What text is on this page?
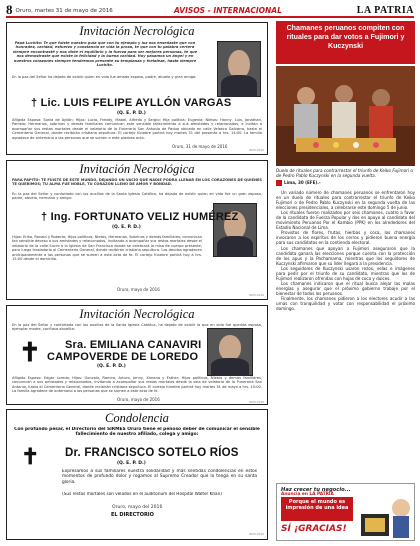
8 Oruro, martes 31 de mayo de 2016	AVISOS - INTERNACIONAL	LA PATRIA
Invitación Necrológica
Papá Luchito: Te que fuiste nuestro guía que con tu ejemplo y luz nos enseñaste que con honradez, caridad, esfuerzo y constancia se vida la prosa, te que con tu palabra certera siempre encontrasté y nos diste el equilibrio y la fuerza para ser mejores personas, te que nos demostraste que existe la felicidad y la buena caridad. Hoy pasamos un ángel y en nuestros corazones siempre tendremos presente su templanza y fortaleza, hasta siempre Luchito.
En la paz del Señor ha dejado de existir quien en vida fue amado esposo, padre, abuelo y gran amigo:
† Lic. LUIS FELIPE AYLLÓN VARGAS
(Q. E. P. D.)
Afligida Esposa: Sonia de Ayllón; Hijos: Lucia, Freddy, Mabel, Alfredo y Sergio; Hija política: Eugenia; Nietos: Hanny, Luis, Jonathan, Pamela; Hermanos, sobrinos y demás familiares comunican este sensible fallecimiento a sus amistades y relacionados, e invitan a acompañar sus restos mortales desde el velatorio de la Funeraria San Antonio de Padua ubicado en calle Velasco Galvarro, hasta el Cementerio General, donde recibirán cristiana sepultura. El cortejo fúnebre partirá hoy martes 31 del presente a hrs. 14:00. La familia agradece de antemano a las personas que se sumen a este piadoso acto.
Oruro, 31 de mayo de 2016
3005-2016
Invitación Necrológica
PARA PAPITO: TE FUISTE DE ESTE MUNDO, DEJANDO UN VACÍO QUE NADIE PODRÁ LLENAR EN LOS CORAZONES DE QUIENES TE QUERIMOS; TU ALMA FUE NOBLE, TU CORAZÓN LLENO DE AMOR Y BONDAD.
En la paz del Señor y confortado con los auxilios de la Santa Iglesia Católica, ha dejado de existir quien en vida fue un gran esposo, padre, abuelo, hermano y amigo:
† Ing. FORTUNATO VELIZ HUMÉREZ
(Q. E. P. D.)
Hijos: Erika, Ronald y Roberto; Hijos políticos, Nietos, Hermanos, Sobrinos y demás familiares; comunican tan sensible deceso a sus amistades y relacionados, invitando a acompañar sus restos mortales desde el velatorio de la calle Sucre a la Iglesia de San Francisco donde se celebrará la misa de cuerpo presente, para luego trasladarlo al Cementerio General, donde recibirán cristiana sepultura. Los deudos agradecen anticipadamente a las personas que se sumen a este acto de fe. El cortejo fúnebre partirá hoy a hrs. 15:00 desde el domicilio.
Oruro, mayo de 2016
3005-2016
Invitación Necrológica
En la paz del Señor y confortada con los auxilios de la Santa Iglesia Católica, ha dejado de existir la que en vida fue querida esposa, ejemplar madre, cariñosa abuelita:
✝ Sra. EMILIANA CANAVIRI
CAMPOVERDE DE LOREDO
(Q. E. P. D.)
Afligido Esposo: Edgar Loredo; Hijos: Gonzalo, Ramiro, Arturo, Jenny, Ximena y Esther; Hijos políticos, Nietos y demás familiares, comunican a sus amistades y relacionados, invitando a acompañar sus restos mortales desde la sala de velatorio de la Funeraria San Antonio, hasta el Cementerio General, donde recibirán cristiana sepultura. El cortejo fúnebre partirá hoy martes 31 de mayo a hrs. 15:00. La familia agradece de antemano a las personas que se sumen a este acto de fe.
Oruro, mayo de 2016	3005-2016
Condolencia
Con profundo pesar, el Directorio del SIRMES Oruro tiene el penoso deber de comunicar el sensible fallecimiento de nuestro afiliado, colega y amigo:
✝ Dr. FRANCISCO SOTELO RÍOS
(Q. E. P. D.)
Expresamos a sus familiares nuestra solidaridad y más sentidas condolencias en estos momentos de profundo dolor y rogamos al Supremo Creador que lo tenga en su santa gloria.
(Sus restos mortales son velados en el auditorium del Hospital Walter Khan)
Oruro, mayo del 2016
EL DIRECTORIO
3005-2016
Chamanes peruanos compiten con rituales para dar votos a Fujimori y Kuczynski
Duelo de rituales para contrarrestar el triunfo de Keiko Fujimori o de Pedro Pablo Kuczynski en la segunda vuelta.
Lima, 30 (EFE).-

Un variado número de chamanes peruanos se enfrentaron hoy en un duelo de rituales para contrarrestar el triunfo de Keiko Fujimori o de Pedro Pablo Kuczynski en la segunda vuelta de las elecciones presidenciales, a celebrarse este domingo 5 de junio.

Los rituales fueron realizados por seis chamanes, cuatro a favor de la candidata de Fuerza Popular y dos en apoyo al candidato del movimiento Peruanos Por el Kambio (PPK) en los alrededores del Estadio Nacional de Lima.

Provistos de flores, frutas, hierbas y coca, los chamanes invocaron a los espíritus de los cerros y pidieron buena energía para sus candidatos en la contienda electoral.

Los chamanes que apoyan a Fujimori aseguraron que la candidata ganará las elecciones porque cuenta con la protección de los apus y la Pachamama, mientras que los seguidores de Kuczynski afirmaron que su líder llegará a la presidencia.

Los seguidores de Kuczynski usaron rezos, velas e imágenes para pedir por el triunfo de su candidato, mientras que los de Fujimori realizaron ofrendas con hojas de coca y dulces.

Los chamanes indicaron que el ritual busca alejar las malas energías y asegurar que el próximo gobierno trabaje por el bienestar de todos los peruanos.

Finalmente, los chamanes pidieron a los electores acudir a las urnas con tranquilidad y votar con responsabilidad el próximo domingo.

Haz crecer tu negocio...
Anuncia en LA PATRIA
Porque el mundo es impresión de una idea
SÍ ¡GRACIAS!
